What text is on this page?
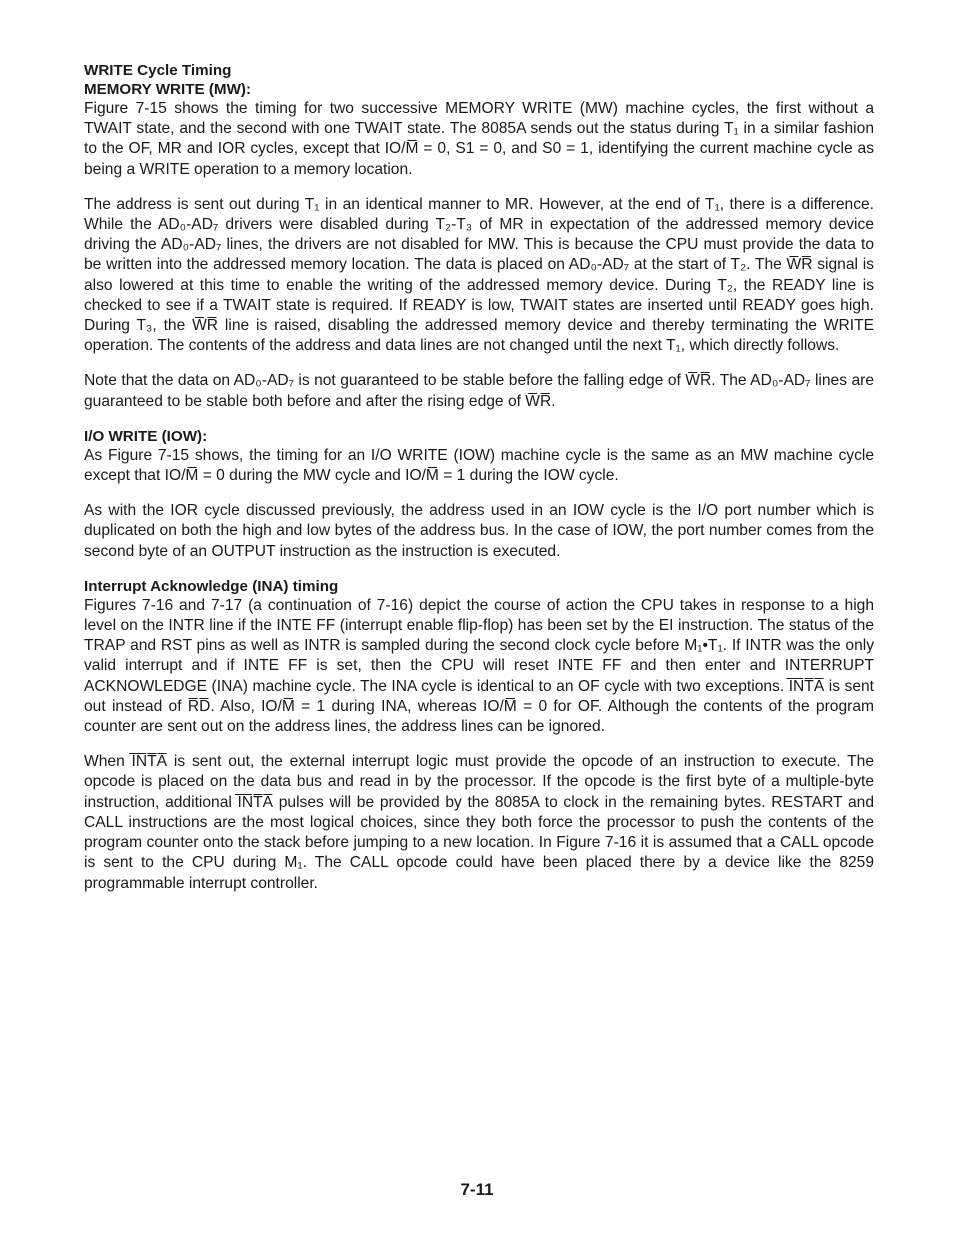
WRITE Cycle Timing
MEMORY WRITE (MW):

Figure 7-15 shows the timing for two successive MEMORY WRITE (MW) machine cycles, the first without a TWAIT state, and the second with one TWAIT state. The 8085A sends out the status during T₁ in a similar fashion to the OF, MR and IOR cycles, except that IO/M̅ = 0, S1 = 0, and S0 = 1, identifying the current machine cycle as being a WRITE operation to a memory location.

The address is sent out during T₁ in an identical manner to MR. However, at the end of T₁, there is a difference. While the AD₀-AD₇ drivers were disabled during T₂-T₃ of MR in expectation of the addressed memory device driving the AD₀-AD₇ lines, the drivers are not disabled for MW. This is because the CPU must provide the data to be written into the addressed memory location. The data is placed on AD₀-AD₇ at the start of T₂. The W̅R̅ signal is also lowered at this time to enable the writing of the addressed memory device. During T₂, the READY line is checked to see if a TWAIT state is required. If READY is low, TWAIT states are inserted until READY goes high. During T₃, the W̅R̅ line is raised, disabling the addressed memory device and thereby terminating the WRITE operation. The contents of the address and data lines are not changed until the next T₁, which directly follows.

Note that the data on AD₀-AD₇ is not guaranteed to be stable before the falling edge of W̅R̅. The AD₀-AD₇ lines are guaranteed to be stable both before and after the rising edge of W̅R̅.

I/O WRITE (IOW):

As Figure 7-15 shows, the timing for an I/O WRITE (IOW) machine cycle is the same as an MW machine cycle except that IO/M̅ = 0 during the MW cycle and IO/M̅ = 1 during the IOW cycle.

As with the IOR cycle discussed previously, the address used in an IOW cycle is the I/O port number which is duplicated on both the high and low bytes of the address bus. In the case of IOW, the port number comes from the second byte of an OUTPUT instruction as the instruction is executed.

Interrupt Acknowledge (INA) timing

Figures 7-16 and 7-17 (a continuation of 7-16) depict the course of action the CPU takes in response to a high level on the INTR line if the INTE FF (interrupt enable flip-flop) has been set by the EI instruction. The status of the TRAP and RST pins as well as INTR is sampled during the second clock cycle before M₁•T₁. If INTR was the only valid interrupt and if INTE FF is set, then the CPU will reset INTE FF and then enter and INTERRUPT ACKNOWLEDGE (INA) machine cycle. The INA cycle is identical to an OF cycle with two exceptions. I̅N̅T̅A̅ is sent out instead of R̅D̅. Also, IO/M̅ = 1 during INA, whereas IO/M̅ = 0 for OF. Although the contents of the program counter are sent out on the address lines, the address lines can be ignored.

When I̅N̅T̅A̅ is sent out, the external interrupt logic must provide the opcode of an instruction to execute. The opcode is placed on the data bus and read in by the processor. If the opcode is the first byte of a multiple-byte instruction, additional I̅N̅T̅A̅ pulses will be provided by the 8085A to clock in the remaining bytes. RESTART and CALL instructions are the most logical choices, since they both force the processor to push the contents of the program counter onto the stack before jumping to a new location. In Figure 7-16 it is assumed that a CALL opcode is sent to the CPU during M₁. The CALL opcode could have been placed there by a device like the 8259 programmable interrupt controller.

7-11
